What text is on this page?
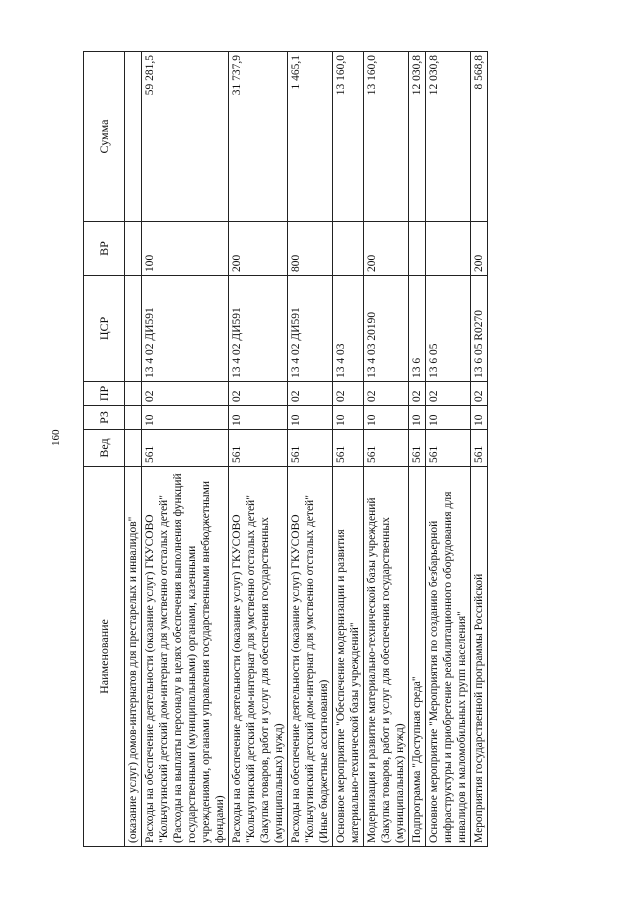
160
Наименование	Вед	РЗ	ПР	ЦСР	ВР	Сумма
(оказание услуг) домов-интернатов для престарелых и инвалидов"						
Расходы на обеспечение деятельности (оказание услуг) ГКУСОВО "Кольчугинский детский дом-интернат для умственно отсталых детей" (Расходы на выплаты персоналу в целях обеспечения выполнения функций государственными (муниципальными) органами, казенными учреждениями, органами управления государственными внебюджетными фондами)	561	10	02	13 4 02 ДИ591	100	59 281,5
Расходы на обеспечение деятельности (оказание услуг) ГКУСОВО "Кольчугинский детский дом-интернат для умственно отсталых детей" (Закупка товаров, работ и услуг для обеспечения государственных (муниципальных) нужд)	561	10	02	13 4 02 ДИ591	200	31 737,9
Расходы на обеспечение деятельности (оказание услуг) ГКУСОВО "Кольчугинский детский дом-интернат для умственно отсталых детей" (Иные бюджетные ассигнования)	561	10	02	13 4 02 ДИ591	800	1 465,1
Основное мероприятие "Обеспечение модернизации и развития материально-технической базы учреждений"	561	10	02	13 4 03		13 160,0
Модернизация и развитие материально-технической базы учреждений (Закупка товаров, работ и услуг для обеспечения государственных (муниципальных) нужд)	561	10	02	13 4 03 20190	200	13 160,0
Подпрограмма "Доступная среда"	561	10	02	13 6		12 030,8
Основное мероприятие "Мероприятия по созданию безбарьерной инфраструктуры и приобретение реабилитационного оборудования для инвалидов и маломобильных групп населения"	561	10	02	13 6 05		12 030,8
Мероприятия государственной программы Российской	561	10	02	13 6 05 R0270	200	8 568,8
